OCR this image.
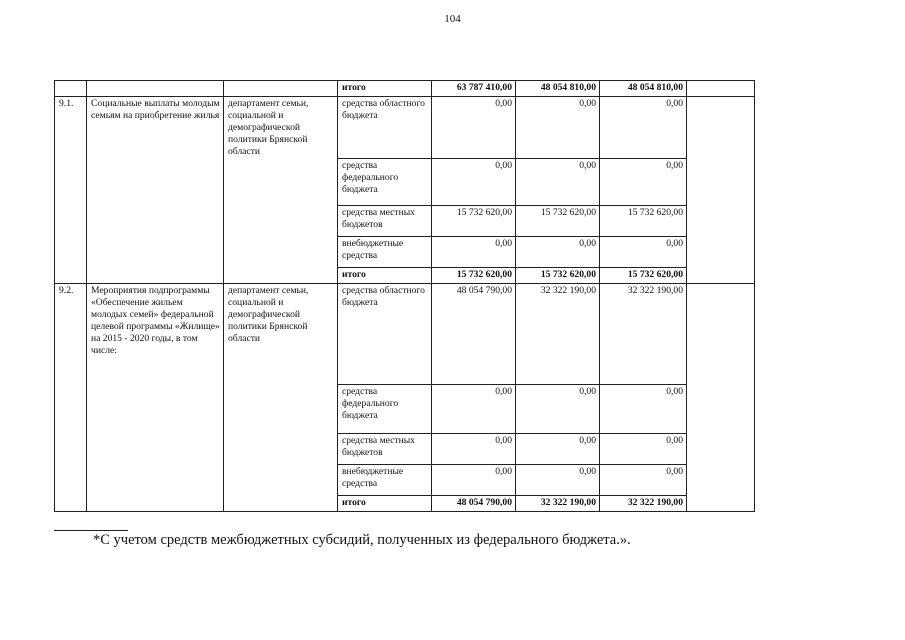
104
			итого	63 787 410,00	48 054 810,00	48 054 810,00	
9.1.	Социальные выплаты молодым семьям на приобретение жилья	департамент семьи, социальной и демографической политики Брянской области	средства областного бюджета	0,00	0,00	0,00	
			средства федерального бюджета	0,00	0,00	0,00	
			средства местных бюджетов	15 732 620,00	15 732 620,00	15 732 620,00	
			внебюджетные средства	0,00	0,00	0,00	
			итого	15 732 620,00	15 732 620,00	15 732 620,00	
9.2.	Мероприятия подпрограммы «Обеспечение жильем молодых семей» федеральной целевой программы «Жилище» на 2015 - 2020 годы, в том числе:	департамент семьи, социальной и демографической политики Брянской области	средства областного бюджета	48 054 790,00	32 322 190,00	32 322 190,00	
			средства федерального бюджета	0,00	0,00	0,00	
			средства местных бюджетов	0,00	0,00	0,00	
			внебюджетные средства	0,00	0,00	0,00	
			итого	48 054 790,00	32 322 190,00	32 322 190,00	
*С учетом средств межбюджетных субсидий, полученных из федерального бюджета.».
